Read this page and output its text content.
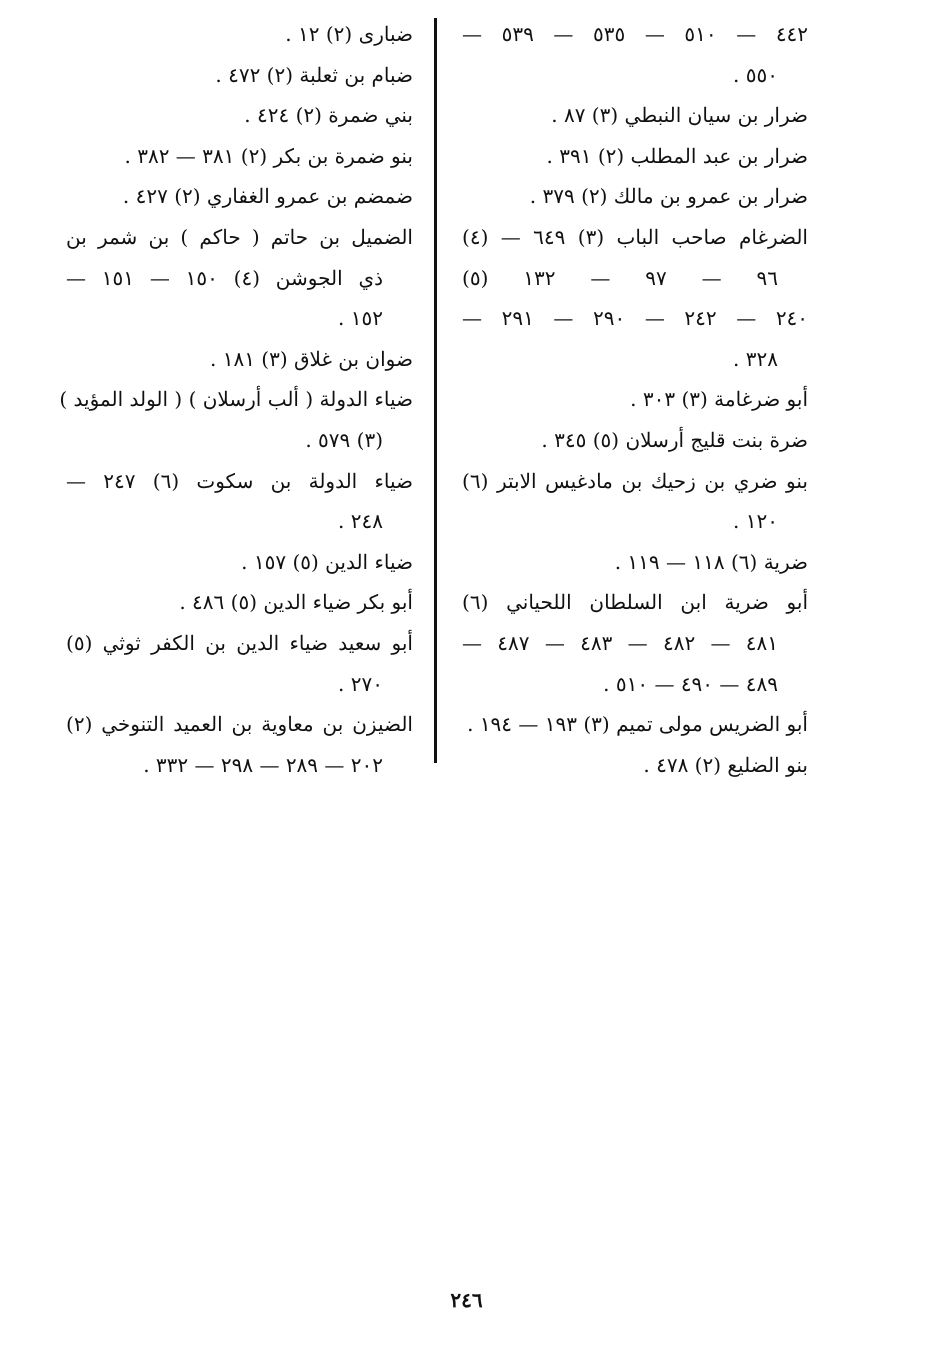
٤٤٢ — ٥١٠ — ٥٣٥ — ٥٣٩ —
٥٥٠ .
ضرار بن سيان النبطي (٣) ٨٧ .
ضرار بن عبد المطلب (٢) ٣٩١ .
ضرار بن عمرو بن مالك (٢) ٣٧٩ .
الضرغام صاحب الباب (٣) ٦٤٩ — (٤)
٩٦ — ٩٧ — ١٣٢ (٥)
٢٤٠ — ٢٤٢ — ٢٩٠ — ٢٩١ —
٣٢٨ .
أبو ضرغامة (٣) ٣٠٣ .
ضرة بنت قليج أرسلان (٥) ٣٤٥ .
بنو ضري بن زحيك بن مادغيس الابتر (٦)
١٢٠ .
ضرية (٦) ١١٨ — ١١٩ .
أبو ضرية ابن السلطان اللحياني (٦)
٤٨١ — ٤٨٢ — ٤٨٣ — ٤٨٧ —
٤٨٩ — ٤٩٠ — ٥١٠ .
أبو الضريس مولى تميم (٣) ١٩٣ — ١٩٤ .
بنو الضليع (٢) ٤٧٨ .
ضبارى (٢) ١٢ .
ضبام بن ثعلبة (٢) ٤٧٢ .
بني ضمرة (٢) ٤٢٤ .
بنو ضمرة بن بكر (٢) ٣٨١ — ٣٨٢ .
ضمضم بن عمرو الغفاري (٢) ٤٢٧ .
الضميل بن حاتم ( حاكم ) بن شمر بن
ذي الجوشن (٤) ١٥٠ — ١٥١ —
١٥٢ .
ضوان بن غلاق (٣) ١٨١ .
ضياء الدولة ( ألب أرسلان ) ( الولد المؤيد )
(٣) ٥٧٩ .
ضياء الدولة بن سكوت (٦) ٢٤٧ —
٢٤٨ .
ضياء الدين (٥) ١٥٧ .
أبو بكر ضياء الدين (٥) ٤٨٦ .
أبو سعيد ضياء الدين بن الكفر ثوثي (٥)
٢٧٠ .
الضيزن بن معاوية بن العميد التنوخي (٢)
٢٠٢ — ٢٨٩ — ٢٩٨ — ٣٣٢ .
٢٤٦
